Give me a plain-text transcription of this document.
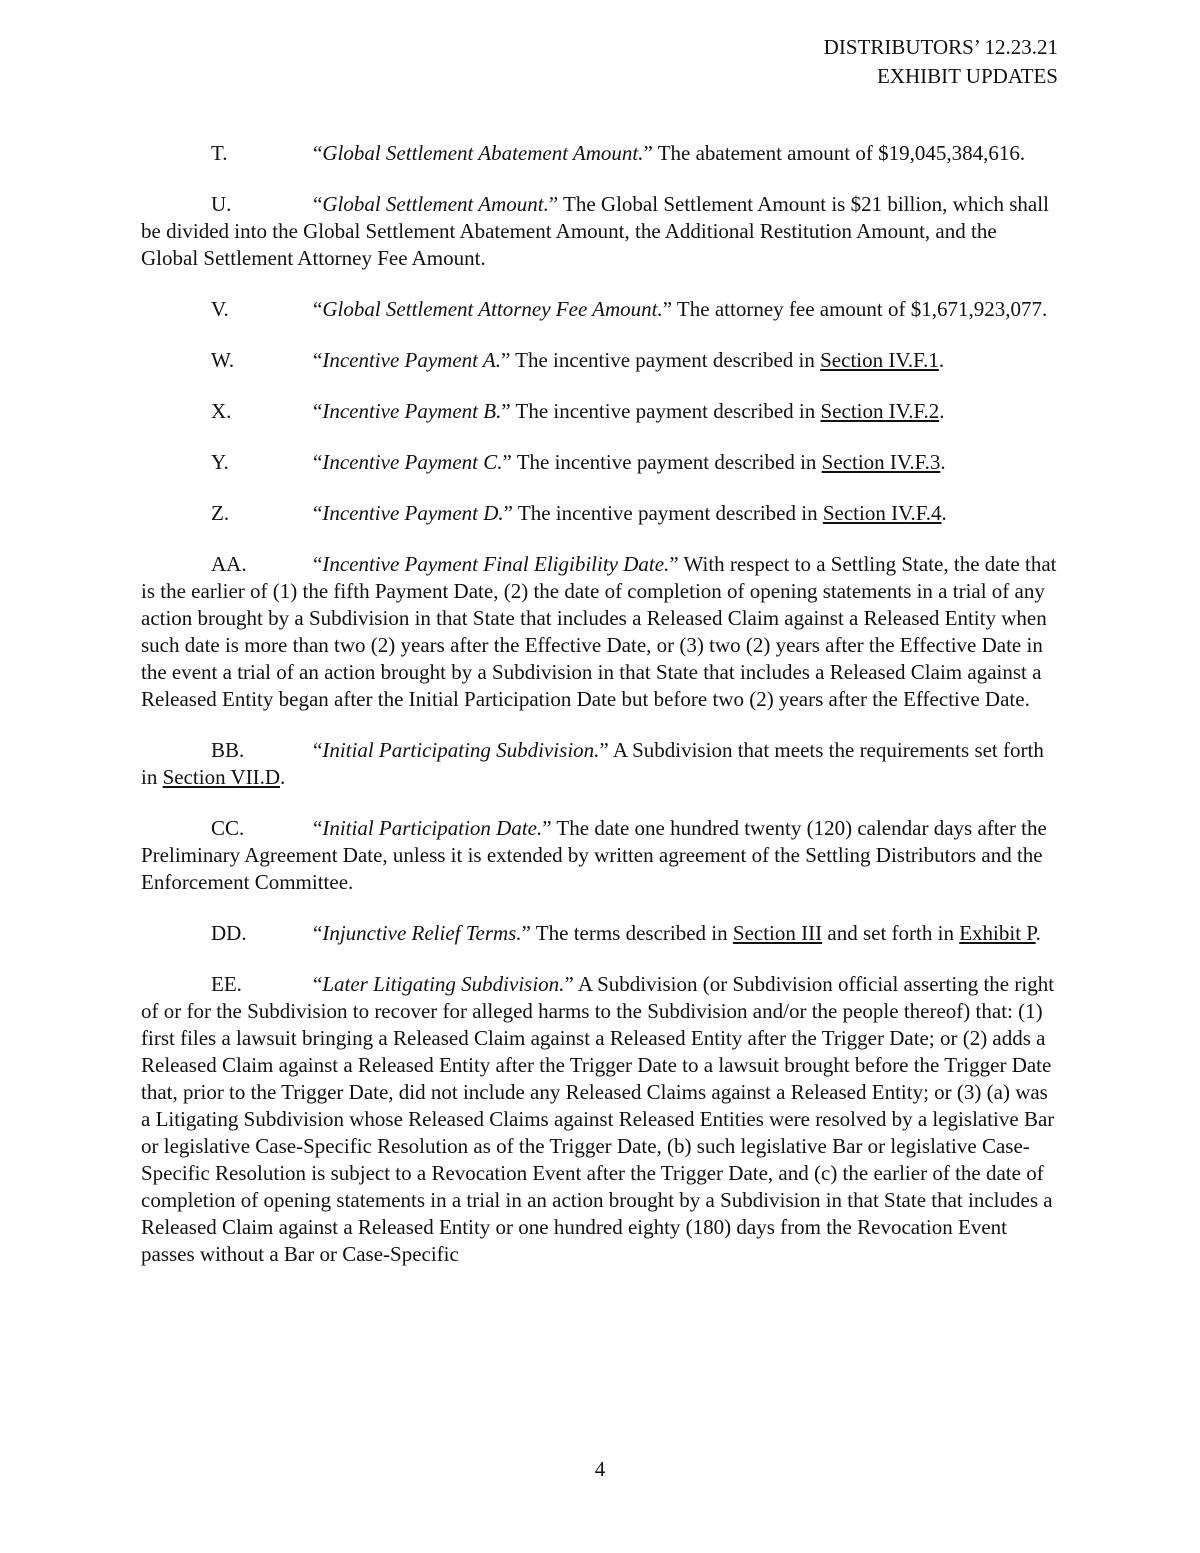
DISTRIBUTORS’ 12.23.21
EXHIBIT UPDATES

T.	“Global Settlement Abatement Amount.” The abatement amount of $19,045,384,616.

U.	“Global Settlement Amount.” The Global Settlement Amount is $21 billion, which shall be divided into the Global Settlement Abatement Amount, the Additional Restitution Amount, and the Global Settlement Attorney Fee Amount.

V.	“Global Settlement Attorney Fee Amount.” The attorney fee amount of $1,671,923,077.

W.	“Incentive Payment A.” The incentive payment described in Section IV.F.1.

X.	“Incentive Payment B.” The incentive payment described in Section IV.F.2.

Y.	“Incentive Payment C.” The incentive payment described in Section IV.F.3.

Z.	“Incentive Payment D.” The incentive payment described in Section IV.F.4.

AA.	“Incentive Payment Final Eligibility Date.” With respect to a Settling State, the date that is the earlier of (1) the fifth Payment Date, (2) the date of completion of opening statements in a trial of any action brought by a Subdivision in that State that includes a Released Claim against a Released Entity when such date is more than two (2) years after the Effective Date, or (3) two (2) years after the Effective Date in the event a trial of an action brought by a Subdivision in that State that includes a Released Claim against a Released Entity began after the Initial Participation Date but before two (2) years after the Effective Date.

BB.	“Initial Participating Subdivision.” A Subdivision that meets the requirements set forth in Section VII.D.

CC.	“Initial Participation Date.” The date one hundred twenty (120) calendar days after the Preliminary Agreement Date, unless it is extended by written agreement of the Settling Distributors and the Enforcement Committee.

DD.	“Injunctive Relief Terms.” The terms described in Section III and set forth in Exhibit P.

EE.	“Later Litigating Subdivision.” A Subdivision (or Subdivision official asserting the right of or for the Subdivision to recover for alleged harms to the Subdivision and/or the people thereof) that: (1) first files a lawsuit bringing a Released Claim against a Released Entity after the Trigger Date; or (2) adds a Released Claim against a Released Entity after the Trigger Date to a lawsuit brought before the Trigger Date that, prior to the Trigger Date, did not include any Released Claims against a Released Entity; or (3) (a) was a Litigating Subdivision whose Released Claims against Released Entities were resolved by a legislative Bar or legislative Case-Specific Resolution as of the Trigger Date, (b) such legislative Bar or legislative Case-Specific Resolution is subject to a Revocation Event after the Trigger Date, and (c) the earlier of the date of completion of opening statements in a trial in an action brought by a Subdivision in that State that includes a Released Claim against a Released Entity or one hundred eighty (180) days from the Revocation Event passes without a Bar or Case-Specific

4
